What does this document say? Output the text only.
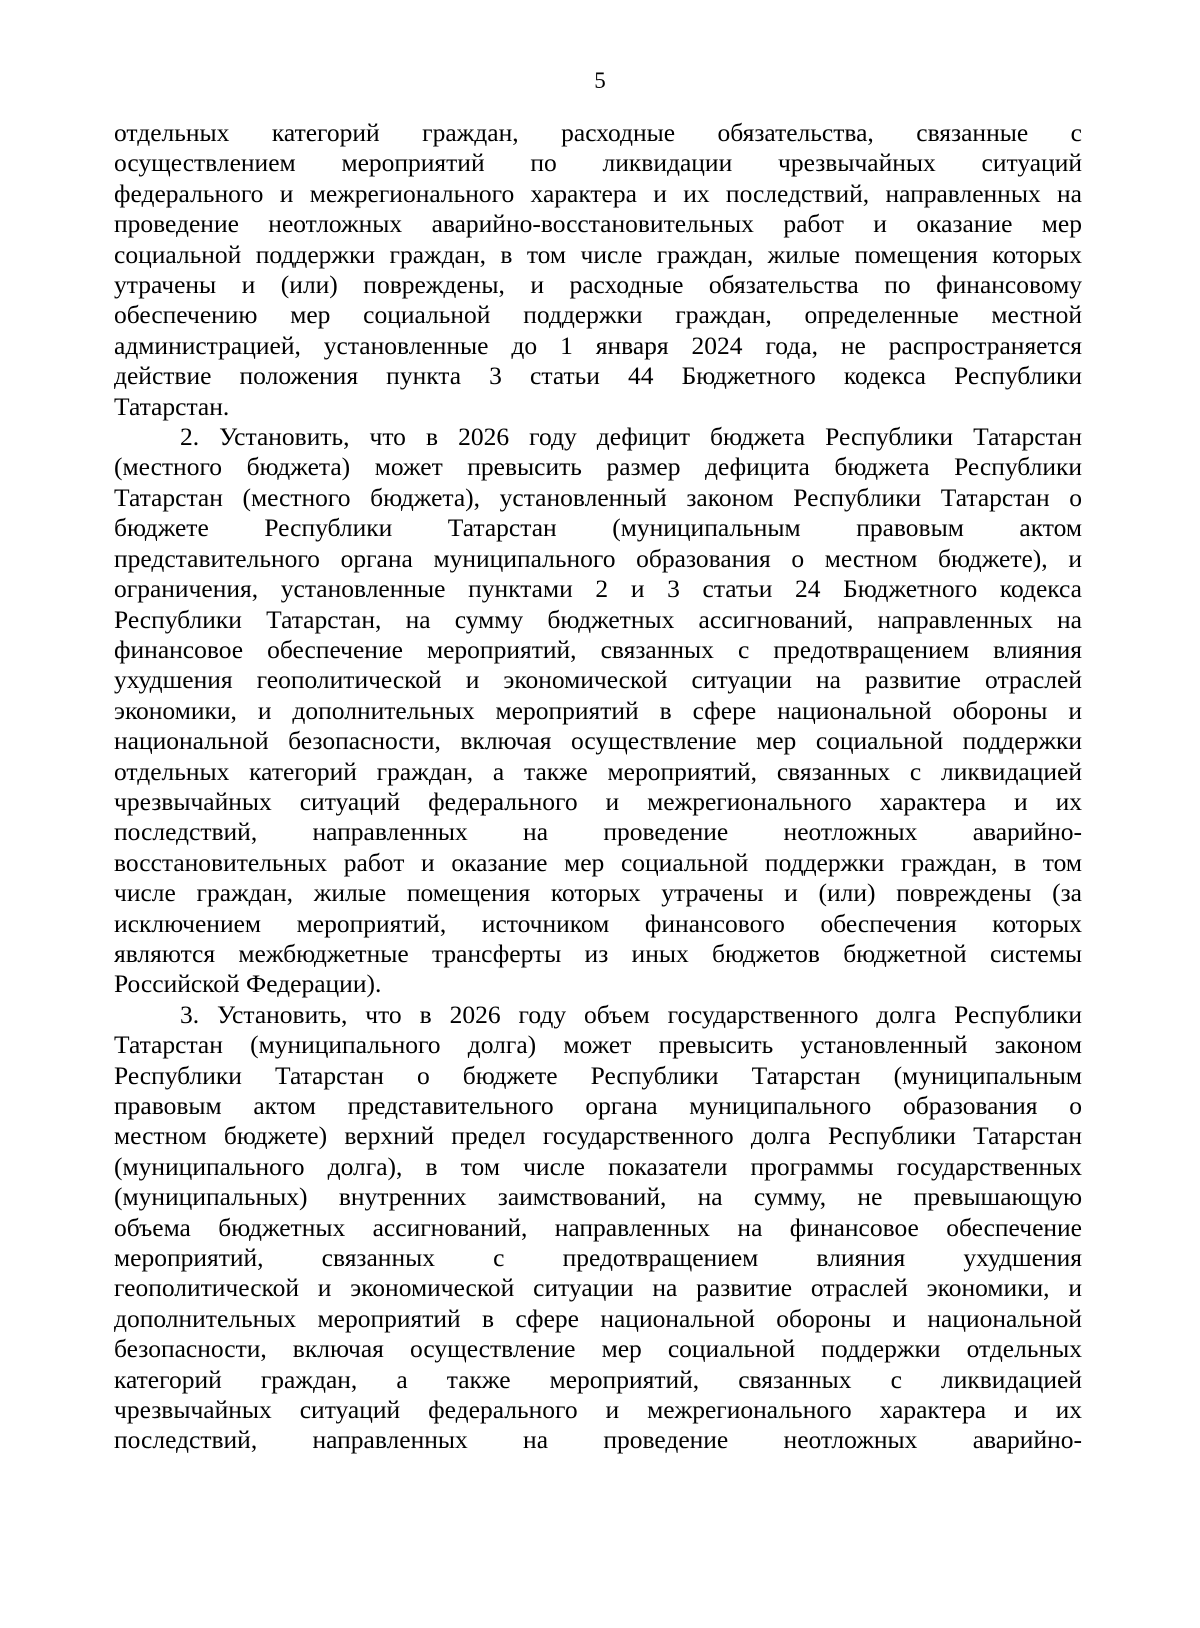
5
отдельных категорий граждан, расходные обязательства, связанные с
осуществлением мероприятий по ликвидации чрезвычайных ситуаций
федерального и межрегионального характера и их последствий, направленных на
проведение неотложных аварийно-восстановительных работ и оказание мер
социальной поддержки граждан, в том числе граждан, жилые помещения которых
утрачены и (или) повреждены, и расходные обязательства по финансовому
обеспечению мер социальной поддержки граждан, определенные местной
администрацией, установленные до 1 января 2024 года, не распространяется
действие положения пункта 3 статьи 44 Бюджетного кодекса Республики
Татарстан.
2. Установить, что в 2026 году дефицит бюджета Республики Татарстан
(местного бюджета) может превысить размер дефицита бюджета Республики
Татарстан (местного бюджета), установленный законом Республики Татарстан о
бюджете Республики Татарстан (муниципальным правовым актом
представительного органа муниципального образования о местном бюджете), и
ограничения, установленные пунктами 2 и 3 статьи 24 Бюджетного кодекса
Республики Татарстан, на сумму бюджетных ассигнований, направленных на
финансовое обеспечение мероприятий, связанных с предотвращением влияния
ухудшения геополитической и экономической ситуации на развитие отраслей
экономики, и дополнительных мероприятий в сфере национальной обороны и
национальной безопасности, включая осуществление мер социальной поддержки
отдельных категорий граждан, а также мероприятий, связанных с ликвидацией
чрезвычайных ситуаций федерального и межрегионального характера и их
последствий, направленных на проведение неотложных аварийно-
восстановительных работ и оказание мер социальной поддержки граждан, в том
числе граждан, жилые помещения которых утрачены и (или) повреждены (за
исключением мероприятий, источником финансового обеспечения которых
являются межбюджетные трансферты из иных бюджетов бюджетной системы
Российской Федерации).
3. Установить, что в 2026 году объем государственного долга Республики
Татарстан (муниципального долга) может превысить установленный законом
Республики Татарстан о бюджете Республики Татарстан (муниципальным
правовым актом представительного органа муниципального образования о
местном бюджете) верхний предел государственного долга Республики Татарстан
(муниципального долга), в том числе показатели программы государственных
(муниципальных) внутренних заимствований, на сумму, не превышающую
объема бюджетных ассигнований, направленных на финансовое обеспечение
мероприятий, связанных с предотвращением влияния ухудшения
геополитической и экономической ситуации на развитие отраслей экономики, и
дополнительных мероприятий в сфере национальной обороны и национальной
безопасности, включая осуществление мер социальной поддержки отдельных
категорий граждан, а также мероприятий, связанных с ликвидацией
чрезвычайных ситуаций федерального и межрегионального характера и их
последствий, направленных на проведение неотложных аварийно-
